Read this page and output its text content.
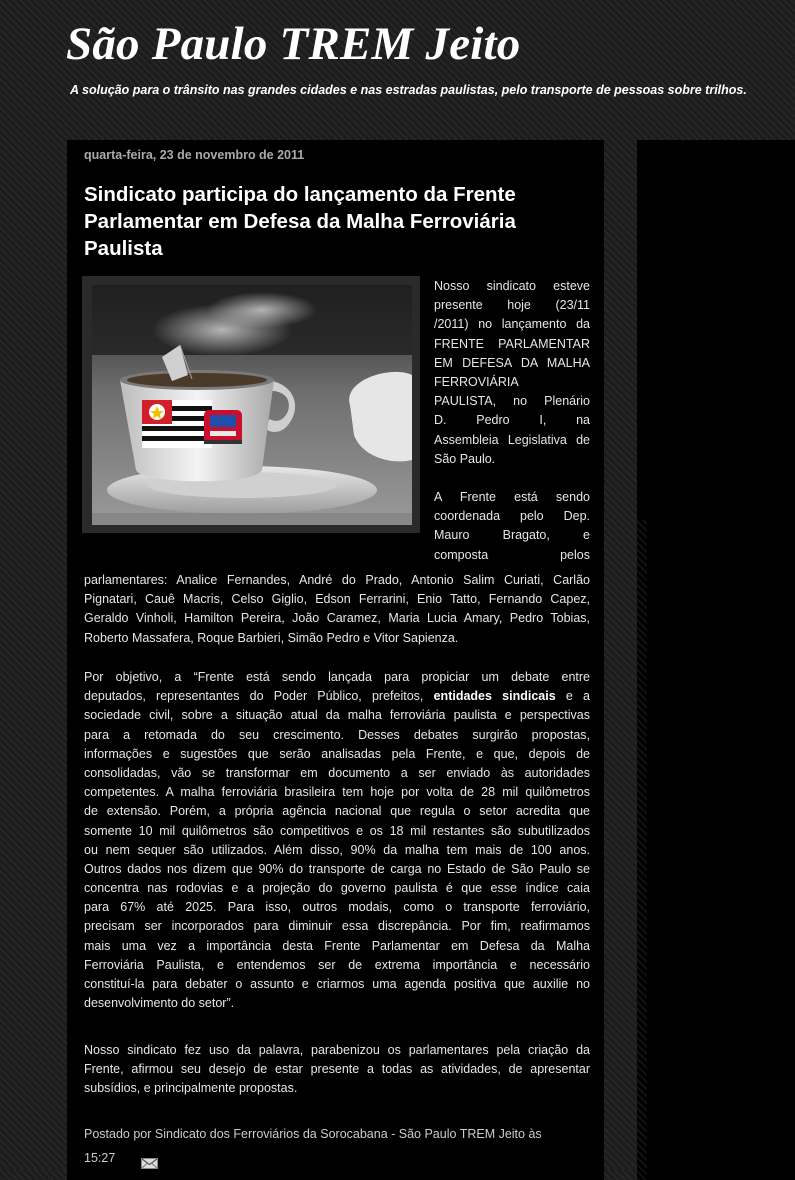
São Paulo TREM Jeito

A solução para o trânsito nas grandes cidades e nas estradas paulistas, pelo transporte de pessoas sobre trilhos.

quarta-feira, 23 de novembro de 2011
Sindicato participa do lançamento da Frente
Parlamentar em Defesa da Malha Ferroviária
Paulista
Nosso sindicato esteve
presente hoje (23/11
/2011) no lançamento da
FRENTE PARLAMENTAR
EM DEFESA DA MALHA
FERROVIÁRIA
PAULISTA, no Plenário
D. Pedro I, na
Assembleia Legislativa de
São Paulo.
A Frente está sendo
coordenada pelo Dep.
Mauro Bragato, e
composta pelos
parlamentares: Analice Fernandes, André do Prado, Antonio Salim Curiati, Carlão
Pignatari, Cauê Macris, Celso Giglio, Edson Ferrarini, Enio Tatto, Fernando Capez,
Geraldo Vinholi, Hamilton Pereira, João Caramez, Maria Lucia Amary, Pedro Tobias,
Roberto Massafera, Roque Barbieri, Simão Pedro e Vitor Sapienza.
Por objetivo, a “Frente está sendo lançada para propiciar um debate entre
deputados, representantes do Poder Público, prefeitos, entidades sindicais e a
sociedade civil, sobre a situação atual da malha ferroviária paulista e perspectivas
para a retomada do seu crescimento. Desses debates surgirão propostas,
informações e sugestões que serão analisadas pela Frente, e que, depois de
consolidadas, vão se transformar em documento a ser enviado às autoridades
competentes. A malha ferroviária brasileira tem hoje por volta de 28 mil quilômetros
de extensão. Porém, a própria agência nacional que regula o setor acredita que
somente 10 mil quilômetros são competitivos e os 18 mil restantes são subutilizados
ou nem sequer são utilizados. Além disso, 90% da malha tem mais de 100 anos.
Outros dados nos dizem que 90% do transporte de carga no Estado de São Paulo se
concentra nas rodovias e a projeção do governo paulista é que esse índice caia
para 67% até 2025. Para isso, outros modais, como o transporte ferroviário,
precisam ser incorporados para diminuir essa discrepância. Por fim, reafirmamos
mais uma vez a importância desta Frente Parlamentar em Defesa da Malha
Ferroviária Paulista, e entendemos ser de extrema importância e necessário
constituí-la para debater o assunto e criarmos uma agenda positiva que auxilie no
desenvolvimento do setor”.
Nosso sindicato fez uso da palavra, parabenizou os parlamentares pela criação da
Frente, afirmou seu desejo de estar presente a todas as atividades, de apresentar
subsídios, e principalmente propostas.
Postado por Sindicato dos Ferroviários da Sorocabana - São Paulo TREM Jeito às
15:27
